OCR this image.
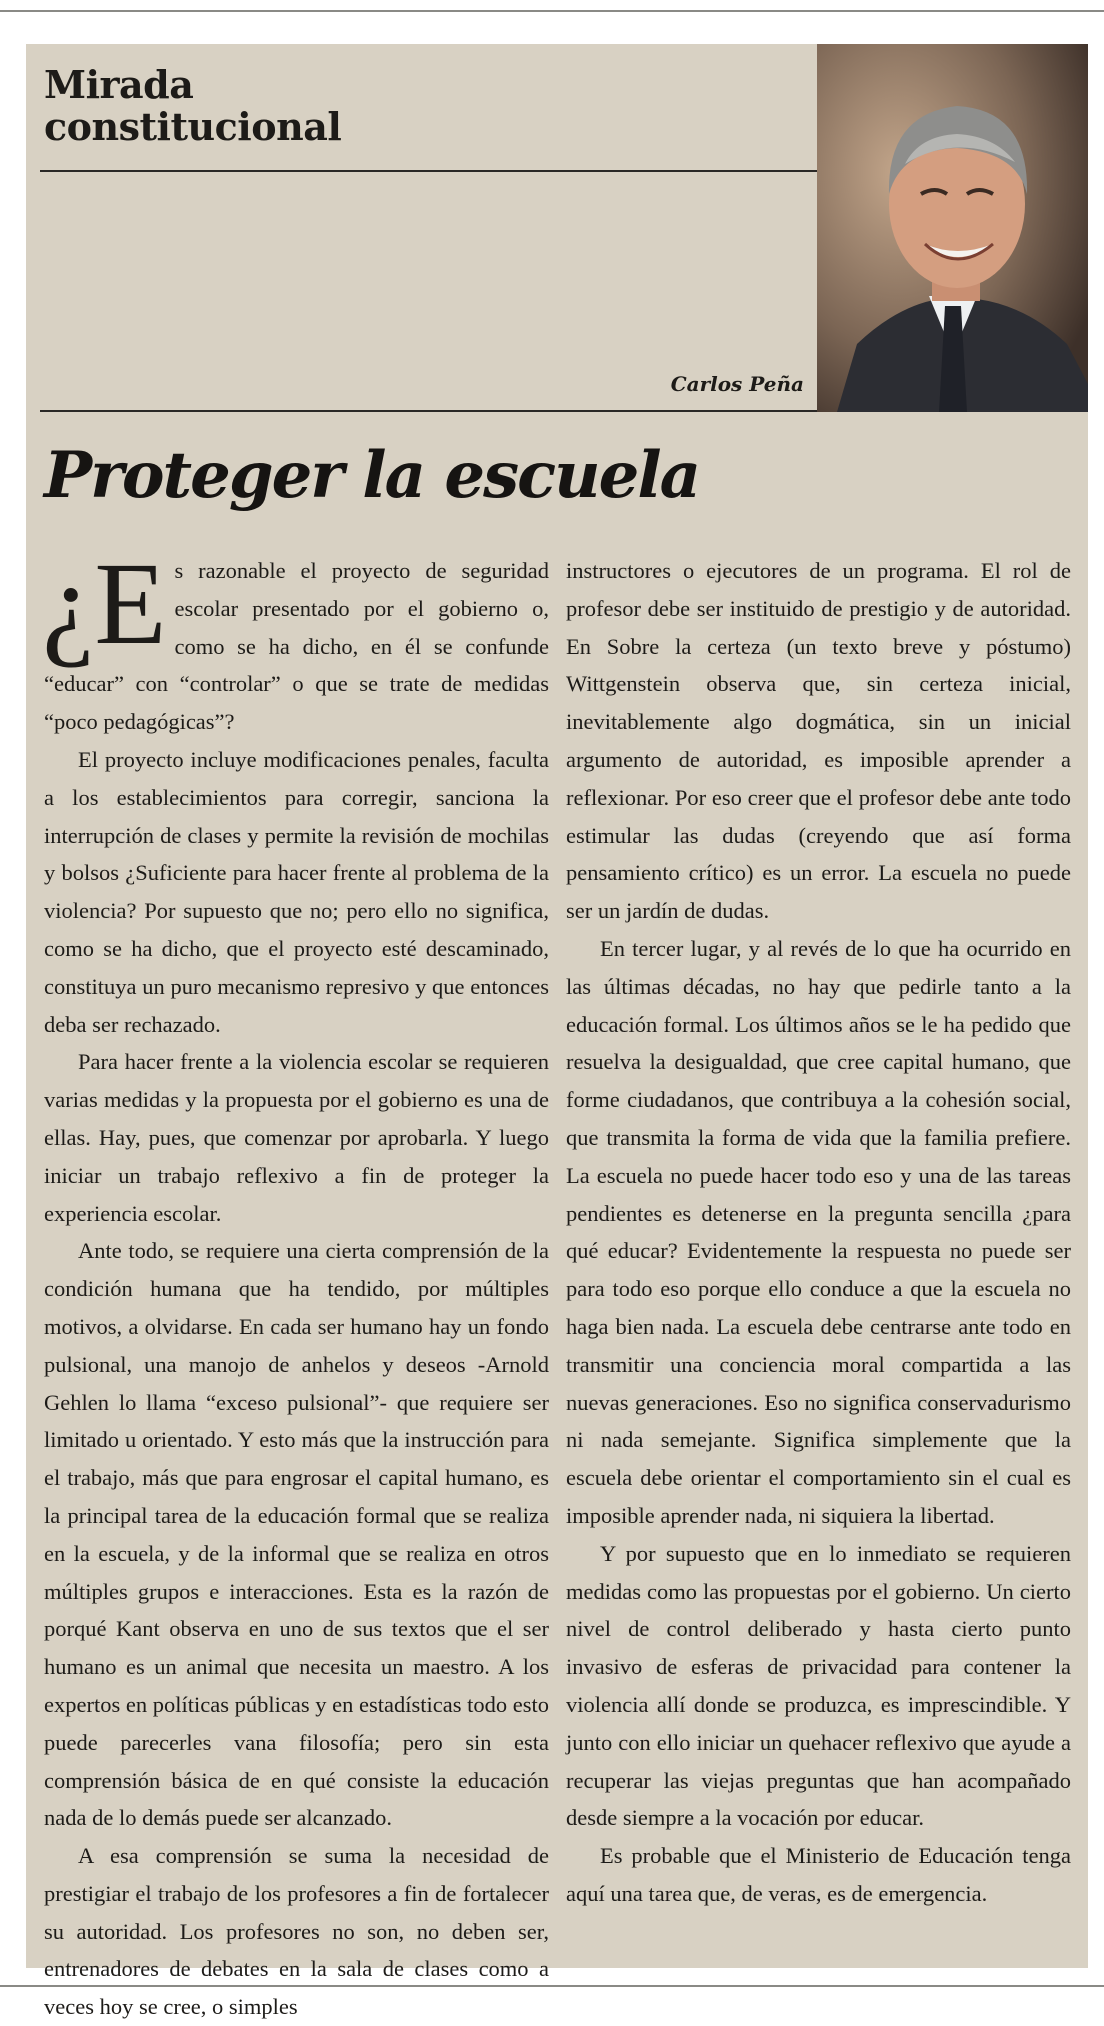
Mirada constitucional
Carlos Peña
Proteger la escuela

¿E s razonable el proyecto de seguridad escolar presentado por el gobierno o, como se ha dicho, en él se confunde “educar” con “controlar” o que se trate de medidas “poco pedagógicas”?

El proyecto incluye modificaciones penales, faculta a los establecimientos para corregir, sanciona la interrupción de clases y permite la revisión de mochilas y bolsos ¿Suficiente para hacer frente al problema de la violencia? Por supuesto que no; pero ello no significa, como se ha dicho, que el proyecto esté descaminado, constituya un puro mecanismo represivo y que entonces deba ser rechazado.

Para hacer frente a la violencia escolar se requieren varias medidas y la propuesta por el gobierno es una de ellas. Hay, pues, que comenzar por aprobarla. Y luego iniciar un trabajo reflexivo a fin de proteger la experiencia escolar.

Ante todo, se requiere una cierta comprensión de la condición humana que ha tendido, por múltiples motivos, a olvidarse. En cada ser humano hay un fondo pulsional, una manojo de anhelos y deseos -Arnold Gehlen lo llama “exceso pulsional”- que requiere ser limitado u orientado. Y esto más que la instrucción para el trabajo, más que para engrosar el capital humano, es la principal tarea de la educación formal que se realiza en la escuela, y de la informal que se realiza en otros múltiples grupos e interacciones. Esta es la razón de porqué Kant observa en uno de sus textos que el ser humano es un animal que necesita un maestro. A los expertos en políticas públicas y en estadísticas todo esto puede parecerles vana filosofía; pero sin esta comprensión básica de en qué consiste la educación nada de lo demás puede ser alcanzado.

A esa comprensión se suma la necesidad de prestigiar el trabajo de los profesores a fin de fortalecer su autoridad. Los profesores no son, no deben ser, entrenadores de debates en la sala de clases como a veces hoy se cree, o simples

instructores o ejecutores de un programa. El rol de profesor debe ser instituido de prestigio y de autoridad. En Sobre la certeza (un texto breve y póstumo) Wittgenstein observa que, sin certeza inicial, inevitablemente algo dogmática, sin un inicial argumento de autoridad, es imposible aprender a reflexionar. Por eso creer que el profesor debe ante todo estimular las dudas (creyendo que así forma pensamiento crítico) es un error. La escuela no puede ser un jardín de dudas.

En tercer lugar, y al revés de lo que ha ocurrido en las últimas décadas, no hay que pedirle tanto a la educación formal. Los últimos años se le ha pedido que resuelva la desigualdad, que cree capital humano, que forme ciudadanos, que contribuya a la cohesión social, que transmita la forma de vida que la familia prefiere. La escuela no puede hacer todo eso y una de las tareas pendientes es detenerse en la pregunta sencilla ¿para qué educar? Evidentemente la respuesta no puede ser para todo eso porque ello conduce a que la escuela no haga bien nada. La escuela debe centrarse ante todo en transmitir una conciencia moral compartida a las nuevas generaciones. Eso no significa conservadurismo ni nada semejante. Significa simplemente que la escuela debe orientar el comportamiento sin el cual es imposible aprender nada, ni siquiera la libertad.

Y por supuesto que en lo inmediato se requieren medidas como las propuestas por el gobierno. Un cierto nivel de control deliberado y hasta cierto punto invasivo de esferas de privacidad para contener la violencia allí donde se produzca, es imprescindible. Y junto con ello iniciar un quehacer reflexivo que ayude a recuperar las viejas preguntas que han acompañado desde siempre a la vocación por educar.

Es probable que el Ministerio de Educación tenga aquí una tarea que, de veras, es de emergencia.
